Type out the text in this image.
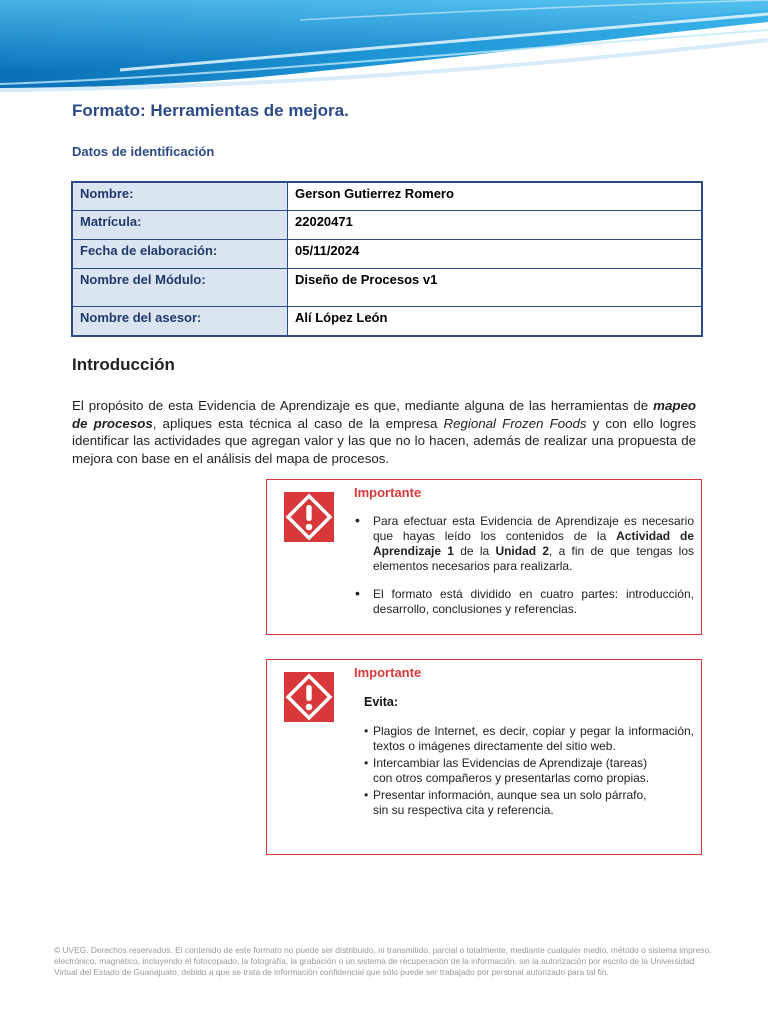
Formato: Herramientas de mejora.
Datos de identificación
Nombre:	Gerson Gutierrez Romero
Matrícula:	22020471
Fecha de elaboración:	05/11/2024
Nombre del Módulo:	Diseño de Procesos v1
Nombre del asesor:	Alí López León
Introducción

El propósito de esta Evidencia de Aprendizaje es que, mediante alguna de las herramientas de mapeo de procesos, apliques esta técnica al caso de la empresa Regional Frozen Foods y con ello logres identificar las actividades que agregan valor y las que no lo hacen, además de realizar una propuesta de mejora con base en el análisis del mapa de procesos.

Importante
• Para efectuar esta Evidencia de Aprendizaje es necesario que hayas leído los contenidos de la Actividad de Aprendizaje 1 de la Unidad 2, a fin de que tengas los elementos necesarios para realizarla.
• El formato está dividido en cuatro partes: introducción, desarrollo, conclusiones y referencias.
Importante
Evita:
• Plagios de Internet, es decir, copiar y pegar la información, textos o imágenes directamente del sitio web.
• Intercambiar las Evidencias de Aprendizaje (tareas)
con otros compañeros y presentarlas como propias.
• Presentar información, aunque sea un solo párrafo,
sin su respectiva cita y referencia.

© UVEG. Derechos reservados. El contenido de este formato no puede ser distribuido, ni transmitido, parcial o totalmente, mediante cualquier medio, método o sistema impreso, electrónico, magnético, incluyendo el fotocopiado, la fotografía, la grabación o un sistema de recuperación de la información, sin la autorización por escrito de la Universidad Virtual del Estado de Guanajuato, debido a que se trata de información confidencial que sólo puede ser trabajado por personal autorizado para tal fin.
